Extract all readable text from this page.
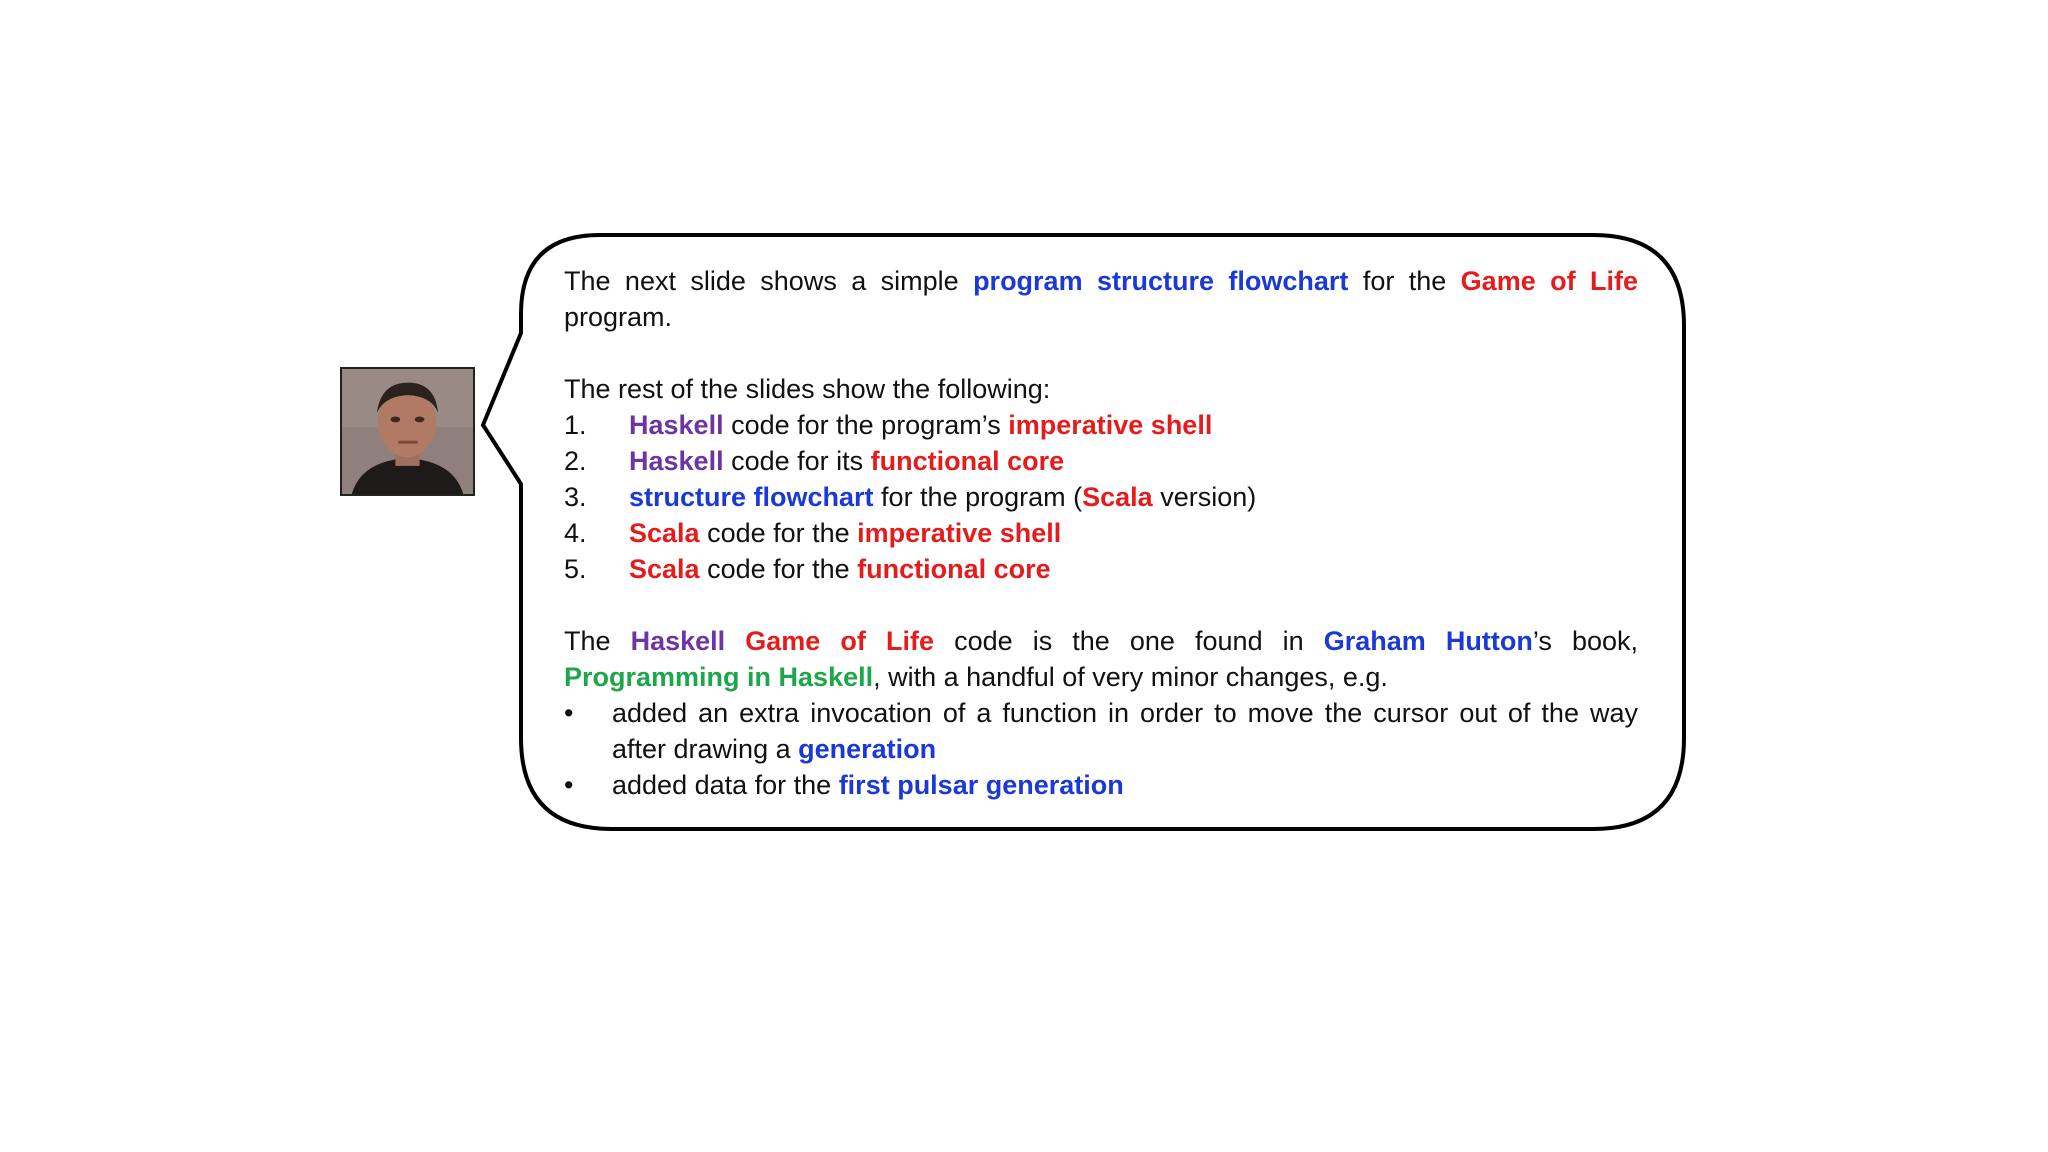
The next slide shows a simple program structure flowchart for the Game of Life

program.

The rest of the slides show the following:

1.	Haskell code for the program’s imperative shell
2.	Haskell code for its functional core
3.	structure flowchart for the program (Scala version)
4.	Scala code for the imperative shell
5.	Scala code for the functional core

The Haskell Game of Life code is the one found in Graham Hutton’s book, Programming in Haskell, with a handful of very minor changes, e.g.

•	added an extra invocation of a function in order to move the cursor out of the way after drawing a generation
•	added data for the first pulsar generation
